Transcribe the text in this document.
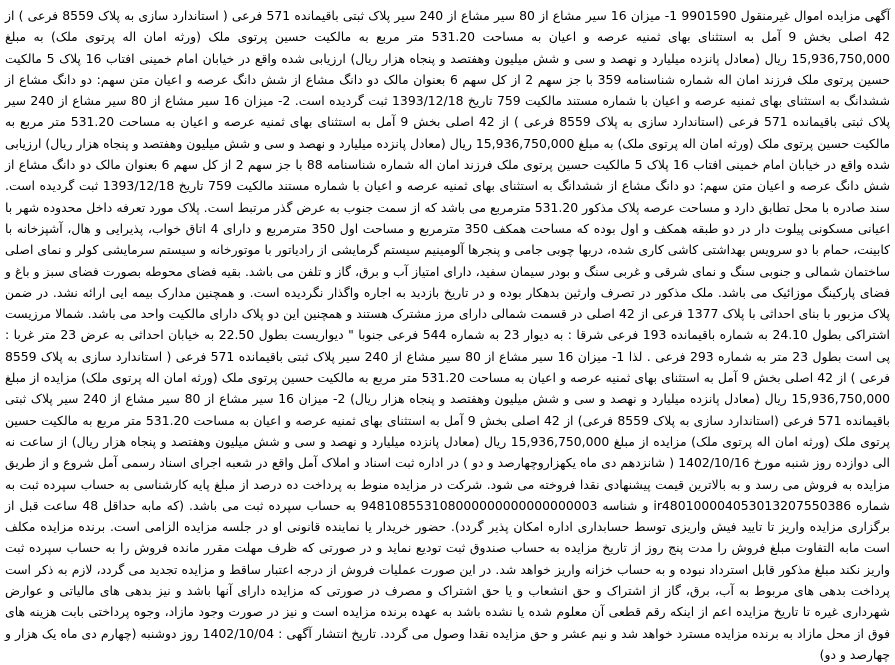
آگهی مزایده اموال غیرمنقول 9901590 1- میزان 16 سیر مشاع از 80 سیر مشاع از 240 سیر پلاک ثبتی باقیمانده 571 فرعی ( استاندارد سازی به پلاک 8559 فرعی ) از 42 اصلی بخش 9 آمل به استثنای بهای ثمنیه عرصه و اعیان به مساحت 531.20 متر مربع به مالکیت حسین پرتوی ملک (ورثه امان اله پرتوی ملک) به مبلغ 15,936,750,000 ریال (معادل پانزده میلیارد و نهصد و سی و شش میلیون وهفتصد و پنجاه هزار ریال) ارزیابی شده واقع در خیابان امام خمینی افتاب 16 پلاک 5 مالکیت حسین پرتوی ملک فرزند امان اله شماره شناسنامه 359 با جز سهم 2 از کل سهم 6 بعنوان مالک دو دانگ مشاع از شش دانگ عرصه و اعیان متن سهم: دو دانگ مشاع از ششدانگ به استثنای بهای ثمنیه عرصه و اعیان با شماره مستند مالکیت 759 تاریخ 1393/12/18 ثبت گردیده است. 2- میزان 16 سیر مشاع از 80 سیر مشاع از 240 سیر پلاک ثبتی باقیمانده 571 فرعی (استاندارد سازی به پلاک 8559 فرعی ) از 42 اصلی بخش 9 آمل به استثنای بهای ثمنیه عرصه و اعیان به مساحت 531.20 متر مربع به مالکیت حسین پرتوی ملک (ورثه امان اله پرتوی ملک) به مبلغ 15,936,750,000 ریال (معادل پانزده میلیارد و نهصد و سی و شش میلیون وهفتصد و پنجاه هزار ریال) ارزیابی شده واقع در خیابان امام خمینی افتاب 16 پلاک 5 مالکیت حسین پرتوی ملک فرزند امان اله شماره شناسنامه 88 با جز سهم 2 از کل سهم 6 بعنوان مالک دو دانگ مشاع از شش دانگ عرصه و اعیان متن سهم: دو دانگ مشاع از ششدانگ به استثنای بهای ثمنیه عرصه و اعیان با شماره مستند مالکیت 759 تاریخ 1393/12/18 ثبت گردیده است. سند صادره با محل تطابق دارد و مساحت عرصه پلاک مذکور 531.20 مترمربع می باشد که از سمت جنوب به عرض گذر مرتبط است. پلاک مورد تعرفه داخل محدوده شهر با اعیانی مسکونی پیلوت دار در دو طبقه همکف و اول بوده که مساحت همکف 350 مترمربع و مساحت اول 350 مترمربع و دارای 4 اتاق خواب، پذیرایی و هال، آشپزخانه با کابینت، حمام با دو سرویس بهداشتی کاشی کاری شده، دربها چوبی جامی و پنجرها آلومینیم سیستم گرمایشی از رادیاتور با موتورخانه و سیستم سرمایشی کولر و نمای اصلی ساختمان شمالی و جنوبی سنگ و نمای شرقی و غربی سنگ و بودر سیمان سفید، دارای امتیاز آب و برق، گاز و تلفن می باشد. بقیه فضای محوطه بصورت فضای سبز و باغ و فضای پارکینگ موزائیک می باشد. ملک مذکور در تصرف وارثین بدهکار بوده و در تاریخ بازدید به اجاره واگذار نگردیده است. و همچنین مدارک بیمه ایی ارائه نشد. در ضمن پلاک مزبور با بنای احداثی با پلاک 1377 فرعی از 42 اصلی در قسمت شمالی دارای مرز مشترک هستند و همچنین این دو پلاک دارای مالکیت واحد می باشد. شمالا مرزیست اشتراکی بطول 24.10 به شماره باقیمانده 193 فرعی شرقا : به دیوار 23 به شماره 544 فرعی جنوبا " دیواریست بطول 22.50 به خیابان احداثی به عرض 23 متر غربا : پی است بطول 23 متر به شماره 293 فرعی . لذا 1- میزان 16 سیر مشاع از 80 سیر مشاع از 240 سیر پلاک ثبتی باقیمانده 571 فرعی ( استاندارد سازی به پلاک 8559 فرعی ) از 42 اصلی بخش 9 آمل به استثنای بهای ثمنیه عرصه و اعیان به مساحت 531.20 متر مربع به مالکیت حسین پرتوی ملک (ورثه امان اله پرتوی ملک) مزایده از مبلغ 15,936,750,000 ریال (معادل پانزده میلیارد و نهصد و سی و شش میلیون وهفتصد و پنجاه هزار ریال) 2- میزان 16 سیر مشاع از 80 سیر مشاع از 240 سیر پلاک ثبتی باقیمانده 571 فرعی (استاندارد سازی به پلاک 8559 فرعی) از 42 اصلی بخش 9 آمل به استثنای بهای ثمنیه عرصه و اعیان به مساحت 531.20 متر مربع به مالکیت حسین پرتوی ملک (ورثه امان اله پرتوی ملک) مزایده از مبلغ 15,936,750,000 ریال (معادل پانزده میلیارد و نهصد و سی و شش میلیون وهفتصد و پنجاه هزار ریال) از ساعت نه الی دوازده روز شنبه مورخ 1402/10/16 ( شانزدهم دی ماه یکهزاروچهارصد و دو ) در اداره ثبت اسناد و املاک آمل واقع در شعبه اجرای اسناد رسمی آمل شروع و از طریق مزایده به فروش می رسد و به بالاترین قیمت پیشنهادی نقدا فروخته می شود. شرکت در مزایده منوط به پرداخت ده درصد از مبلغ پایه کارشناسی به حساب سپرده ثبت به شماره ir480100004053013207550386 و شناسه 948108553108000000000000000003 به حساب سپرده ثبت می باشد. (که مابه حداقل 48 ساعت قبل از برگزاری مزایده واریز تا تایید فیش واریزی توسط حسابداری اداره امکان پذیر گردد). حضور خریدار یا نماینده قانونی او در جلسه مزایده الزامی است. برنده مزایده مکلف است مابه التفاوت مبلغ فروش را مدت پنج روز از تاریخ مزایده به حساب صندوق ثبت تودیع نماید و در صورتی که ظرف مهلت مقرر مانده فروش را به حساب سپرده ثبت واریز نکند مبلغ مذکور قابل استرداد نبوده و به حساب خزانه واریز خواهد شد. در این صورت عملیات فروش از درجه اعتبار ساقط و مزایده تجدید می گردد، لازم به ذکر است پرداخت بدهی های مربوط به آب، برق، گاز از اشتراک و حق انشعاب و یا حق اشتراک و مصرف در صورتی که مزایده دارای آنها باشد و نیز بدهی های مالیاتی و عوارض شهرداری غیره تا تاریخ مزایده اعم از اینکه رقم قطعی آن معلوم شده یا نشده باشد به عهده برنده مزایده است و نیز در صورت وجود مازاد، وجوه پرداختی بابت هزینه های فوق از محل مازاد به برنده مزایده مسترد خواهد شد و نیم عشر و حق مزایده نقدا وصول می گردد. تاریخ انتشار آگهی : 1402/10/04 روز دوشنبه (چهارم دی ماه یک هزار و چهارصد و دو)
